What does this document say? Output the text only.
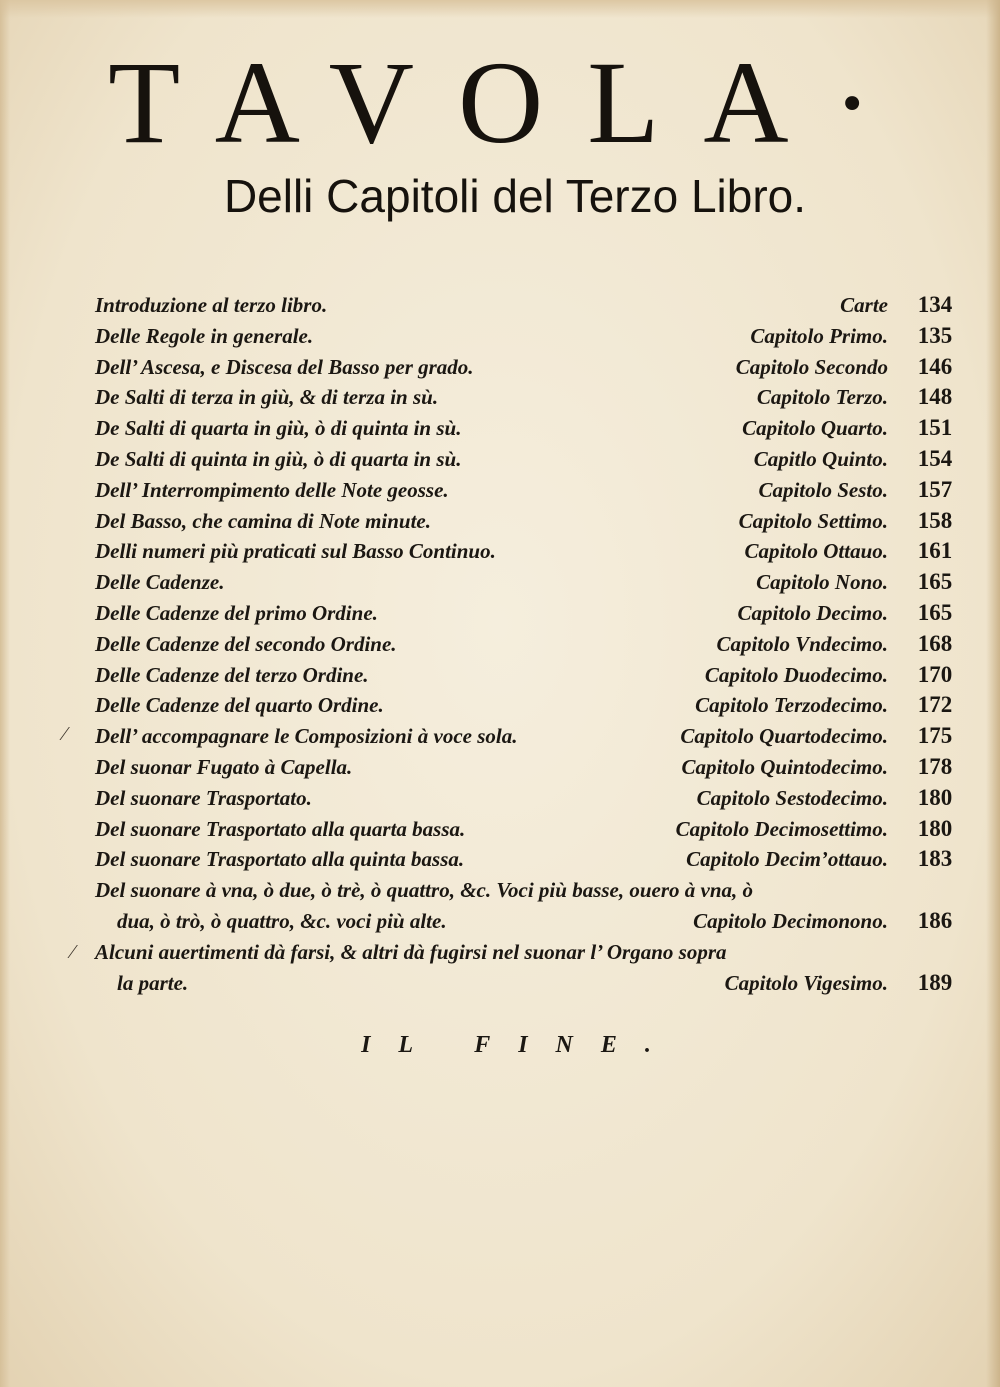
TAVOLA·
Delli Capitoli del Terzo Libro.
Introduzione al terzo libro.	Carte	134
Delle Regole in generale.	Capitolo Primo.	135
Dell’ Ascesa, e Discesa del Basso per grado.	Capitolo Secondo	146
De Salti di terza in giù, & di terza in sù.	Capitolo Terzo.	148
De Salti di quarta in giù, ò di quinta in sù.	Capitolo Quarto.	151
De Salti di quinta in giù, ò di quarta in sù.	Capitlo Quinto.	154
Dell’ Interrompimento delle Note geosse.	Capitolo Sesto.	157
Del Basso, che camina di Note minute.	Capitolo Settimo.	158
Delli numeri più praticati sul Basso Continuo.	Capitolo Ottauo.	161
Delle Cadenze.	Capitolo Nono.	165
Delle Cadenze del primo Ordine.	Capitolo Decimo.	165
Delle Cadenze del secondo Ordine.	Capitolo Vndecimo.	168
Delle Cadenze del terzo Ordine.	Capitolo Duodecimo.	170
Delle Cadenze del quarto Ordine.	Capitolo Terzodecimo.	172
⁄ Dell’ accompagnare le Composizioni à voce sola.	Capitolo Quartodecimo.	175
Del suonar Fugato à Capella.	Capitolo Quintodecimo.	178
Del suonare Trasportato.	Capitolo Sestodecimo.	180
Del suonare Trasportato alla quarta bassa.	Capitolo Decimosettimo.	180
Del suonare Trasportato alla quinta bassa.	Capitolo Decim’ottauo.	183
Del suonare à vna, ò due, ò trè, ò quattro, &c. Voci più basse, ouero à vna, ò
dua, ò trò, ò quattro, &c. voci più alte.	Capitolo Decimonono.	186
⁄ Alcuni auertimenti dà farsi, & altri dà fugirsi nel suonar l’ Organo sopra
la parte.	Capitolo Vigesimo.	189
IL FINE.
